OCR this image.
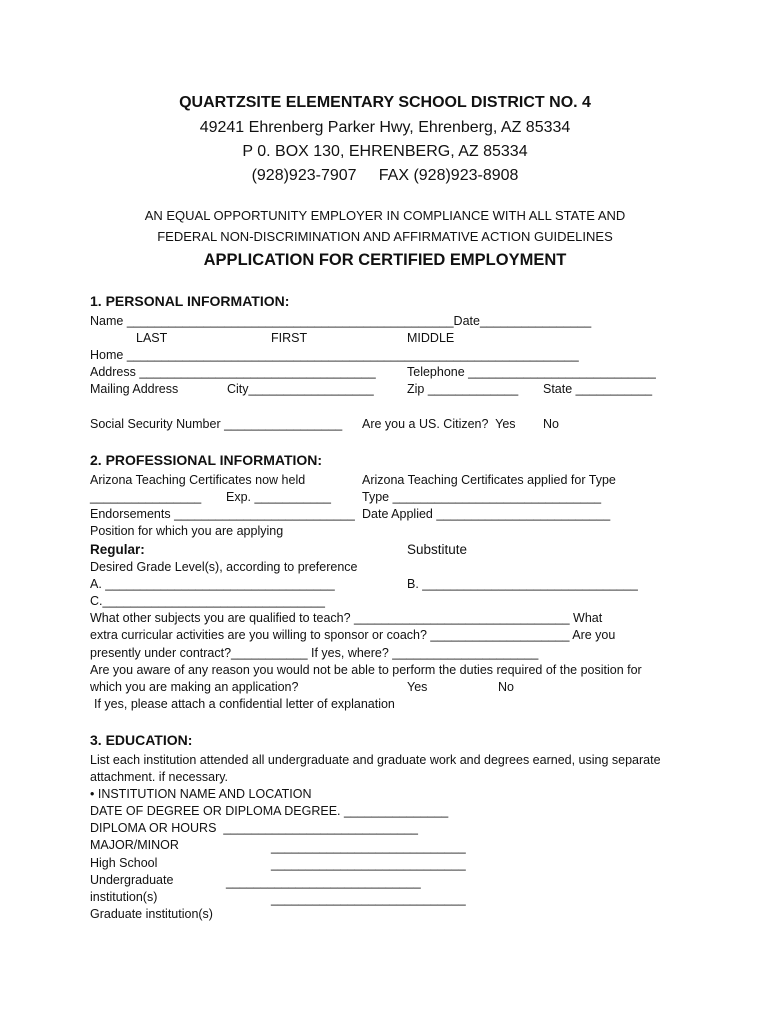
QUARTZSITE ELEMENTARY SCHOOL DISTRICT NO. 4
49241 Ehrenberg Parker Hwy, Ehrenberg, AZ 85334
P 0. BOX 130, EHRENBERG, AZ 85334
(928)923-7907     FAX (928)923-8908
AN EQUAL OPPORTUNITY EMPLOYER IN COMPLIANCE WITH ALL STATE AND
FEDERAL NON-DISCRIMINATION AND AFFIRMATIVE ACTION GUIDELINES
APPLICATION FOR CERTIFIED EMPLOYMENT
1. PERSONAL INFORMATION:
Name _______________________________________________Date________________
LAST	FIRST	MIDDLE
Home _________________________________________________________________
Address __________________________________	Telephone ___________________________
Mailing Address	City__________________	Zip _____________ State ___________
Social Security Number _________________ Are you a US. Citizen?  Yes No
2. PROFESSIONAL INFORMATION:
Arizona Teaching Certificates now held	Arizona Teaching Certificates applied for Type
________________ Exp. ___________ Type ______________________________
Endorsements __________________________ Date Applied _________________________
Position for which you are applying
Regular:	Substitute
Desired Grade Level(s), according to preference
A. _________________________________	B. _______________________________
C.________________________________
What other subjects you are qualified to teach? _______________________________ What
extra curricular activities are you willing to sponsor or coach? ____________________ Are you
presently under contract?___________ If yes, where? _____________________
Are you aware of any reason you would not be able to perform the duties required of the position for
which you are making an application?	Yes	No
If yes, please attach a confidential letter of explanation
3. EDUCATION:
List each institution attended all undergraduate and graduate work and degrees earned, using separate
attachment. if necessary.
• INSTITUTION NAME AND LOCATION
DATE OF DEGREE OR DIPLOMA DEGREE. _______________
DIPLOMA OR HOURS  ____________________________
MAJOR/MINOR	____________________________
High School	____________________________
Undergraduate	____________________________
institution(s)	____________________________
Graduate institution(s)
